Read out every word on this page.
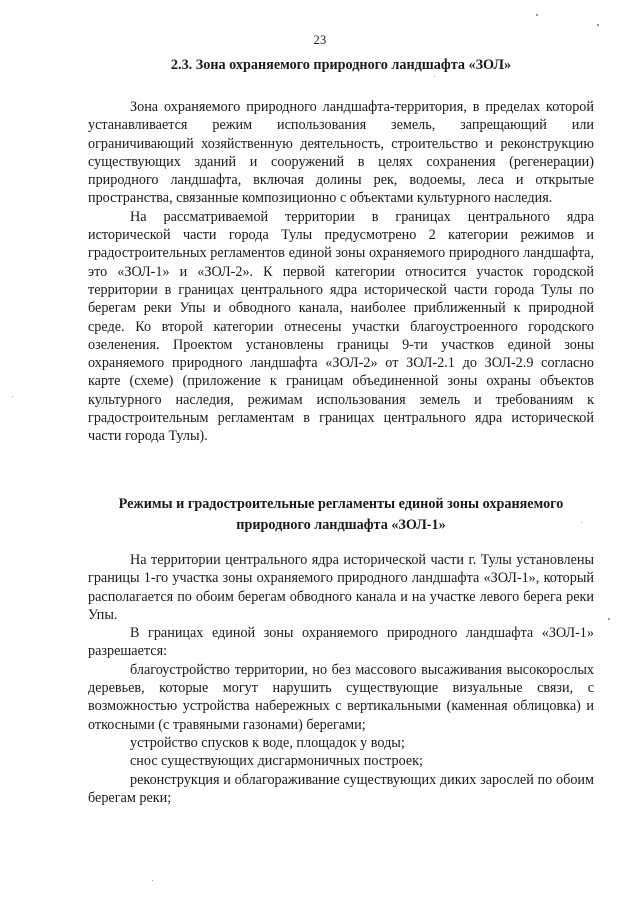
23
2.3. Зона охраняемого природного ландшафта «ЗОЛ»

Зона охраняемого природного ландшафта-территория, в пределах которой устанавливается режим использования земель, запрещающий или ограничивающий хозяйственную деятельность, строительство и реконструкцию существующих зданий и сооружений в целях сохранения (регенерации) природного ландшафта, включая долины рек, водоемы, леса и открытые пространства, связанные композиционно с объектами культурного наследия.

На рассматриваемой территории в границах центрального ядра исторической части города Тулы предусмотрено 2 категории режимов и градостроительных регламентов единой зоны охраняемого природного ландшафта, это «ЗОЛ-1» и «ЗОЛ-2». К первой категории относится участок городской территории в границах центрального ядра исторической части города Тулы по берегам реки Упы и обводного канала, наиболее приближенный к природной среде. Ко второй категории отнесены участки благоустроенного городского озеленения. Проектом установлены границы 9-ти участков единой зоны охраняемого природного ландшафта «ЗОЛ-2» от ЗОЛ-2.1 до ЗОЛ-2.9 согласно карте (схеме) (приложение к границам объединенной зоны охраны объектов культурного наследия, режимам использования земель и требованиям к градостроительным регламентам в границах центрального ядра исторической части города Тулы).

Режимы и градостроительные регламенты единой зоны охраняемого
природного ландшафта «ЗОЛ-1»

На территории центрального ядра исторической части г. Тулы установлены границы 1-го участка зоны охраняемого природного ландшафта «ЗОЛ-1», который располагается по обоим берегам обводного канала и на участке левого берега реки Упы.

В границах единой зоны охраняемого природного ландшафта «ЗОЛ-1» разрешается:

благоустройство территории, но без массового высаживания высокорослых деревьев, которые могут нарушить существующие визуальные связи, с возможностью устройства набережных с вертикальными (каменная облицовка) и откосными (с травяными газонами) берегами;

устройство спусков к воде, площадок у воды;

снос существующих дисгармоничных построек;

реконструкция и облагораживание существующих диких зарослей по обоим берегам реки;
